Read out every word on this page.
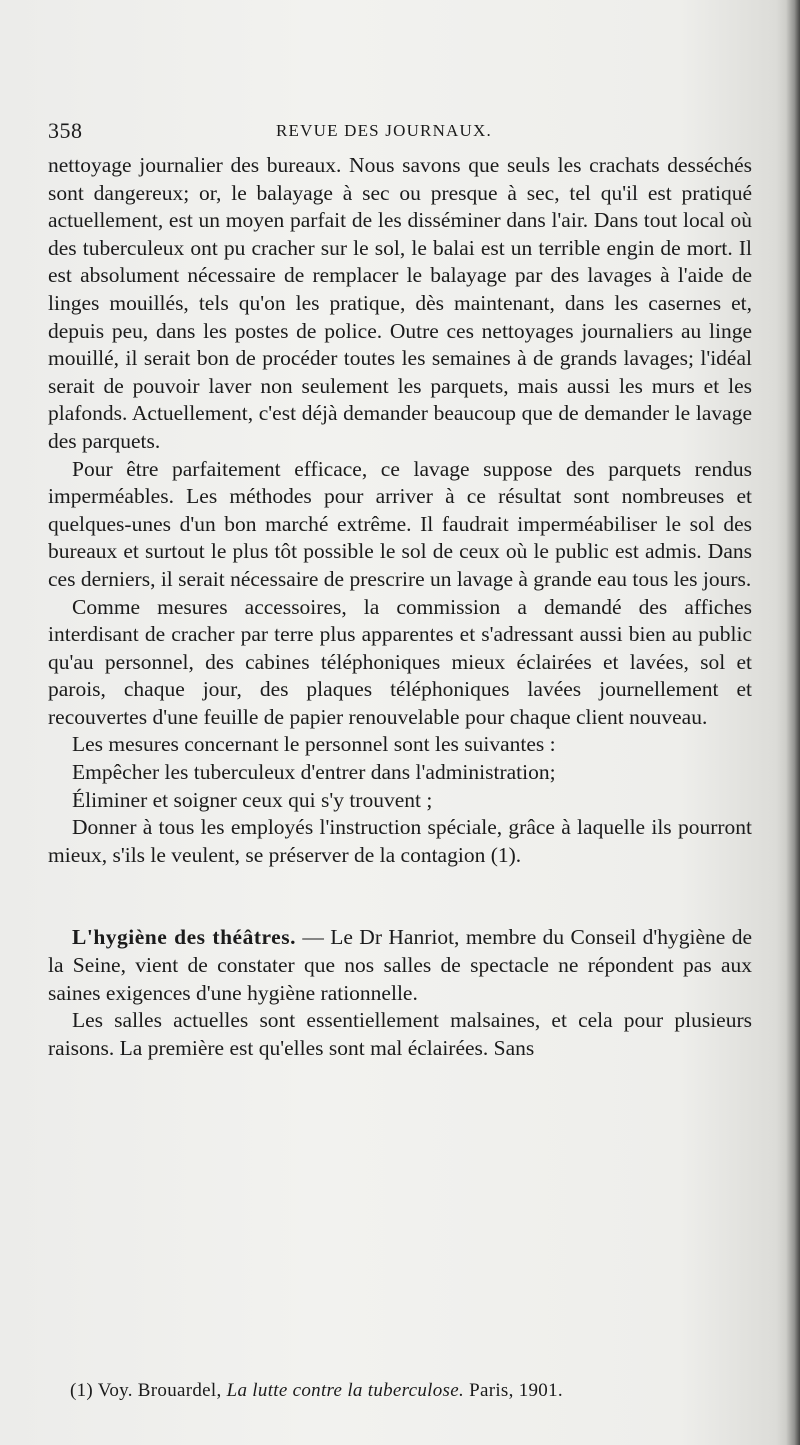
358	REVUE DES JOURNAUX.

nettoyage journalier des bureaux. Nous savons que seuls les crachats desséchés sont dangereux; or, le balayage à sec ou presque à sec, tel qu'il est pratiqué actuellement, est un moyen parfait de les disséminer dans l'air. Dans tout local où des tuberculeux ont pu cracher sur le sol, le balai est un terrible engin de mort. Il est absolument nécessaire de remplacer le balayage par des lavages à l'aide de linges mouillés, tels qu'on les pratique, dès maintenant, dans les casernes et, depuis peu, dans les postes de police. Outre ces nettoyages journaliers au linge mouillé, il serait bon de procéder toutes les semaines à de grands lavages; l'idéal serait de pouvoir laver non seulement les parquets, mais aussi les murs et les plafonds. Actuellement, c'est déjà demander beaucoup que de demander le lavage des parquets.

Pour être parfaitement efficace, ce lavage suppose des parquets rendus imperméables. Les méthodes pour arriver à ce résultat sont nombreuses et quelques-unes d'un bon marché extrême. Il faudrait imperméabiliser le sol des bureaux et surtout le plus tôt possible le sol de ceux où le public est admis. Dans ces derniers, il serait nécessaire de prescrire un lavage à grande eau tous les jours.

Comme mesures accessoires, la commission a demandé des affiches interdisant de cracher par terre plus apparentes et s'adressant aussi bien au public qu'au personnel, des cabines téléphoniques mieux éclairées et lavées, sol et parois, chaque jour, des plaques téléphoniques lavées journellement et recouvertes d'une feuille de papier renouvelable pour chaque client nouveau.

Les mesures concernant le personnel sont les suivantes :

Empêcher les tuberculeux d'entrer dans l'administration;

Éliminer et soigner ceux qui s'y trouvent ;

Donner à tous les employés l'instruction spéciale, grâce à laquelle ils pourront mieux, s'ils le veulent, se préserver de la contagion (1).

L'hygiène des théâtres. — Le Dr Hanriot, membre du Conseil d'hygiène de la Seine, vient de constater que nos salles de spectacle ne répondent pas aux saines exigences d'une hygiène rationnelle.

Les salles actuelles sont essentiellement malsaines, et cela pour plusieurs raisons. La première est qu'elles sont mal éclairées. Sans

(1) Voy. Brouardel, La lutte contre la tuberculose. Paris, 1901.
